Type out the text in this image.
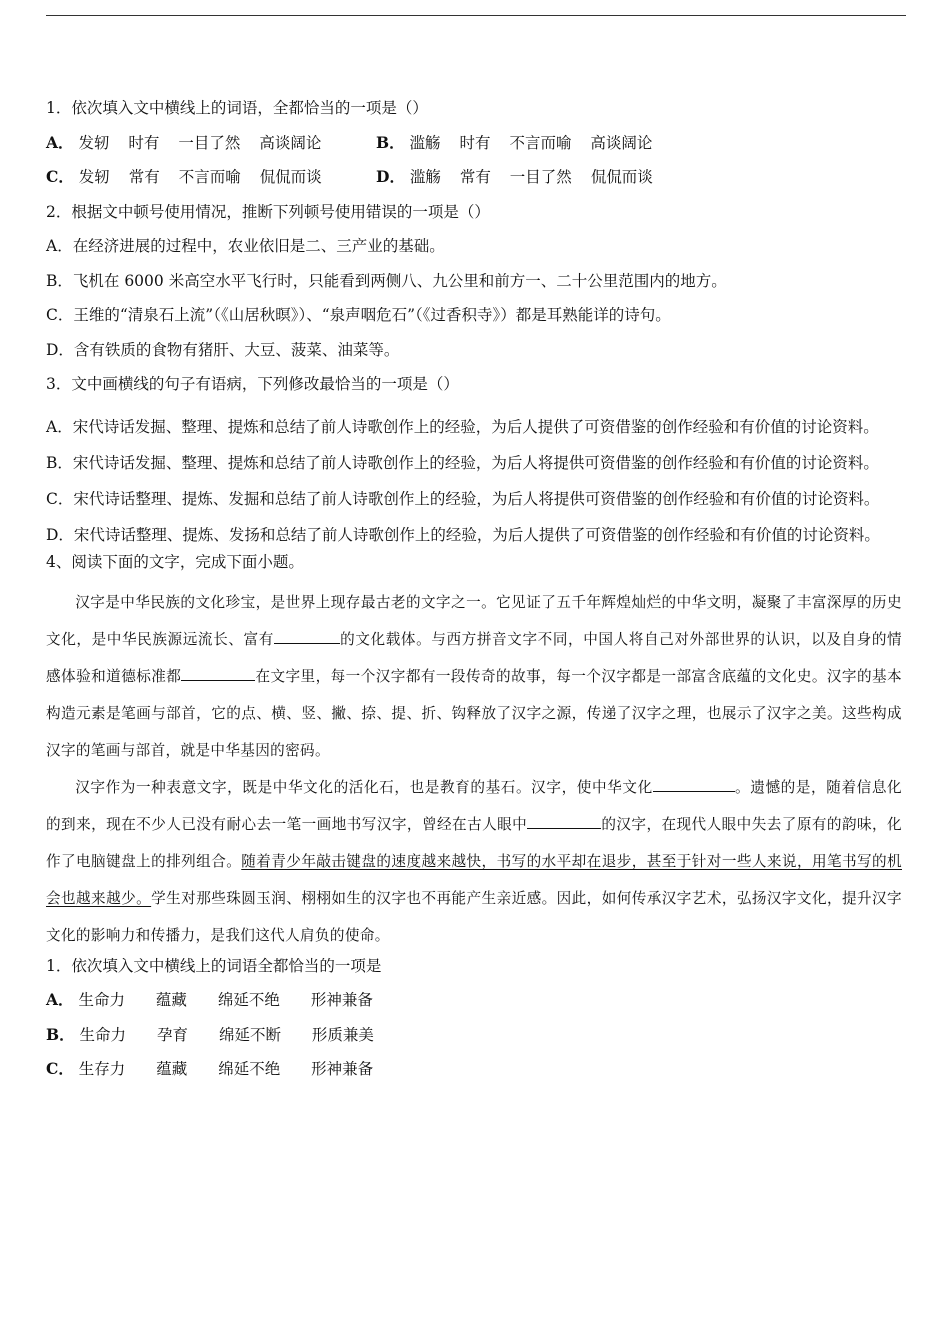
1．依次填入文中横线上的词语，全都恰当的一项是（）
A． 发轫 时有 一目了然 高谈阔论	B． 滥觞 时有 不言而喻 高谈阔论
C． 发轫 常有 不言而喻 侃侃而谈	D． 滥觞 常有 一目了然 侃侃而谈
2．根据文中顿号使用情况，推断下列顿号使用错误的一项是（）
A．在经济进展的过程中，农业依旧是二、三产业的基础。
B．飞机在 6000 米高空水平飞行时，只能看到两侧八、九公里和前方一、二十公里范围内的地方。
C．王维的“清泉石上流”（《山居秋暝》）、“泉声咽危石”（《过香积寺》）都是耳熟能详的诗句。
D．含有铁质的食物有猪肝、大豆、菠菜、油菜等。
3．文中画横线的句子有语病，下列修改最恰当的一项是（）

A．宋代诗话发掘、整理、提炼和总结了前人诗歌创作上的经验，为后人提供了可资借鉴的创作经验和有价值的讨论资料。

B．宋代诗话发掘、整理、提炼和总结了前人诗歌创作上的经验，为后人将提供可资借鉴的创作经验和有价值的讨论资料。

C．宋代诗话整理、提炼、发掘和总结了前人诗歌创作上的经验，为后人将提供可资借鉴的创作经验和有价值的讨论资料。

D．宋代诗话整理、提炼、发扬和总结了前人诗歌创作上的经验，为后人提供了可资借鉴的创作经验和有价值的讨论资料。

4、阅读下面的文字，完成下面小题。

汉字是中华民族的文化珍宝，是世界上现存最古老的文字之一。它见证了五千年辉煌灿烂的中华文明，凝聚了丰富深厚的历史文化，是中华民族源远流长、富有	的文化载体。与西方拼音文字不同，中国人将自己对外部世界的认识，以及自身的情感体验和道德标准都	在文字里，每一个汉字都有一段传奇的故事，每一个汉字都是一部富含底蕴的文化史。汉字的基本构造元素是笔画与部首，它的点、横、竖、撇、捺、提、折、钩释放了汉字之源，传递了汉字之理，也展示了汉字之美。这些构成汉字的笔画与部首，就是中华基因的密码。

汉字作为一种表意文字，既是中华文化的活化石，也是教育的基石。汉字，使中华文化	。遗憾的是，随着信息化的到来，现在不少人已没有耐心去一笔一画地书写汉字，曾经在古人眼中	的汉字，在现代人眼中失去了原有的韵味，化作了电脑键盘上的排列组合。随着青少年敲击键盘的速度越来越快，书写的水平却在退步，甚至于针对一些人来说，用笔书写的机会也越来越少。学生对那些珠圆玉润、栩栩如生的汉字也不再能产生亲近感。因此，如何传承汉字艺术，弘扬汉字文化，提升汉字文化的影响力和传播力，是我们这代人肩负的使命。

1．依次填入文中横线上的词语全都恰当的一项是
A． 生命力 蕴藏 绵延不绝 形神兼备
B． 生命力 孕育 绵延不断 形质兼美
C． 生存力 蕴藏 绵延不绝 形神兼备
